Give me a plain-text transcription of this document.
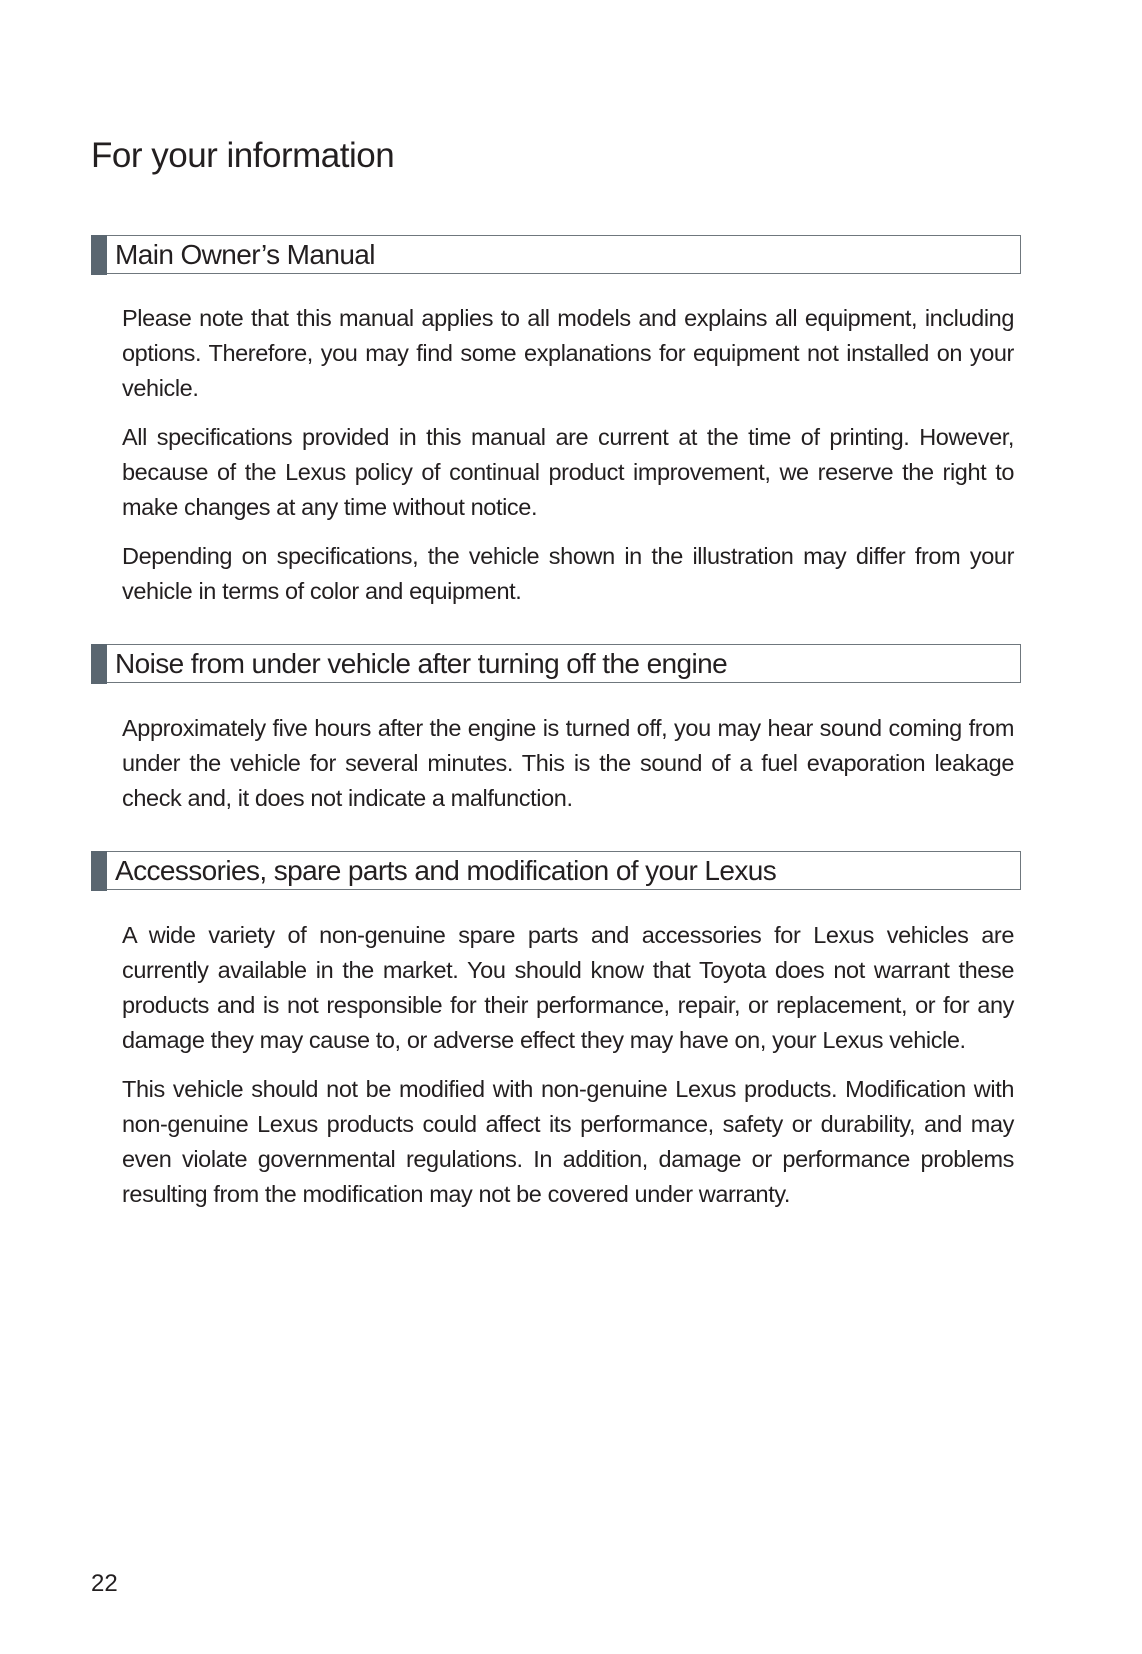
For your information
Main Owner’s Manual

Please note that this manual applies to all models and explains all equipment, including options. Therefore, you may find some explanations for equipment not installed on your vehicle.

All specifications provided in this manual are current at the time of printing. However, because of the Lexus policy of continual product improvement, we reserve the right to make changes at any time without notice.

Depending on specifications, the vehicle shown in the illustration may differ from your vehicle in terms of color and equipment.

Noise from under vehicle after turning off the engine

Approximately five hours after the engine is turned off, you may hear sound coming from under the vehicle for several minutes. This is the sound of a fuel evaporation leakage check and, it does not indicate a malfunction.

Accessories, spare parts and modification of your Lexus

A wide variety of non-genuine spare parts and accessories for Lexus vehicles are currently available in the market. You should know that Toyota does not warrant these products and is not responsible for their performance, repair, or replacement, or for any damage they may cause to, or adverse effect they may have on, your Lexus vehicle.

This vehicle should not be modified with non-genuine Lexus products. Modification with non-genuine Lexus products could affect its performance, safety or durability, and may even violate governmental regulations. In addition, damage or performance problems resulting from the modification may not be covered under warranty.

22
